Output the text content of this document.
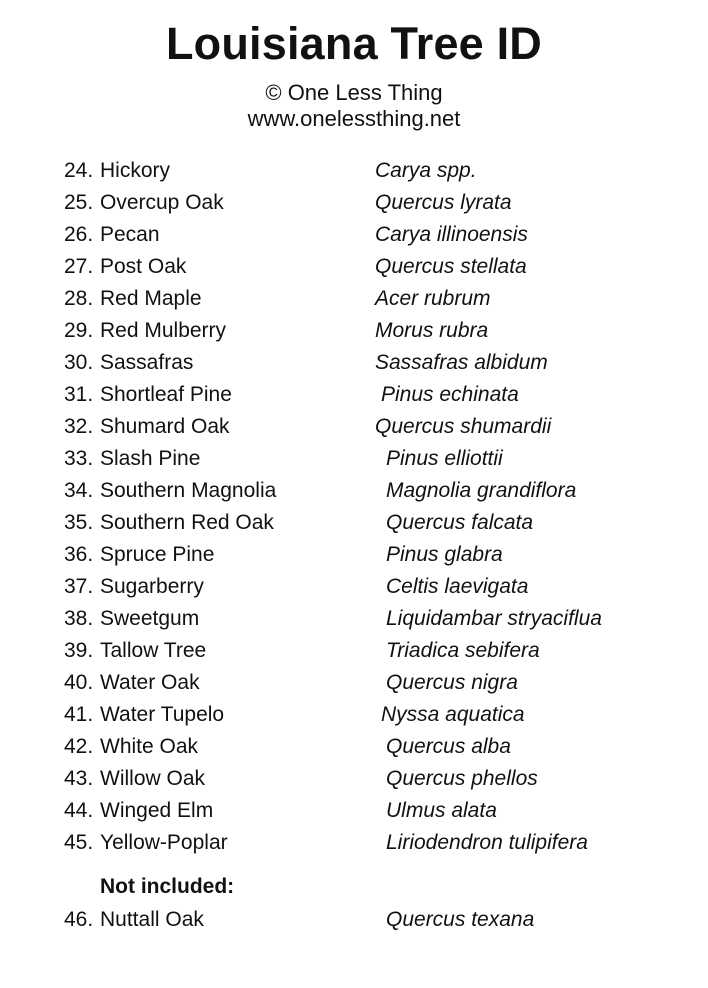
Louisiana Tree ID
© One Less Thing
www.onelessthing.net
24. Hickory	Carya spp.
25. Overcup Oak	Quercus lyrata
26. Pecan	Carya illinoensis
27. Post Oak	Quercus stellata
28. Red Maple	Acer rubrum
29. Red Mulberry	Morus rubra
30. Sassafras	Sassafras albidum
31. Shortleaf Pine	Pinus echinata
32. Shumard Oak	Quercus shumardii
33. Slash Pine	Pinus elliottii
34. Southern Magnolia	Magnolia grandiflora
35. Southern Red Oak	Quercus falcata
36. Spruce Pine	Pinus glabra
37. Sugarberry	Celtis laevigata
38. Sweetgum	Liquidambar stryaciflua
39. Tallow Tree	Triadica sebifera
40. Water Oak	Quercus nigra
41. Water Tupelo	Nyssa aquatica
42. White Oak	Quercus alba
43. Willow Oak	Quercus phellos
44. Winged Elm	Ulmus alata
45. Yellow-Poplar	Liriodendron tulipifera
Not included:
46. Nuttall Oak	Quercus texana
